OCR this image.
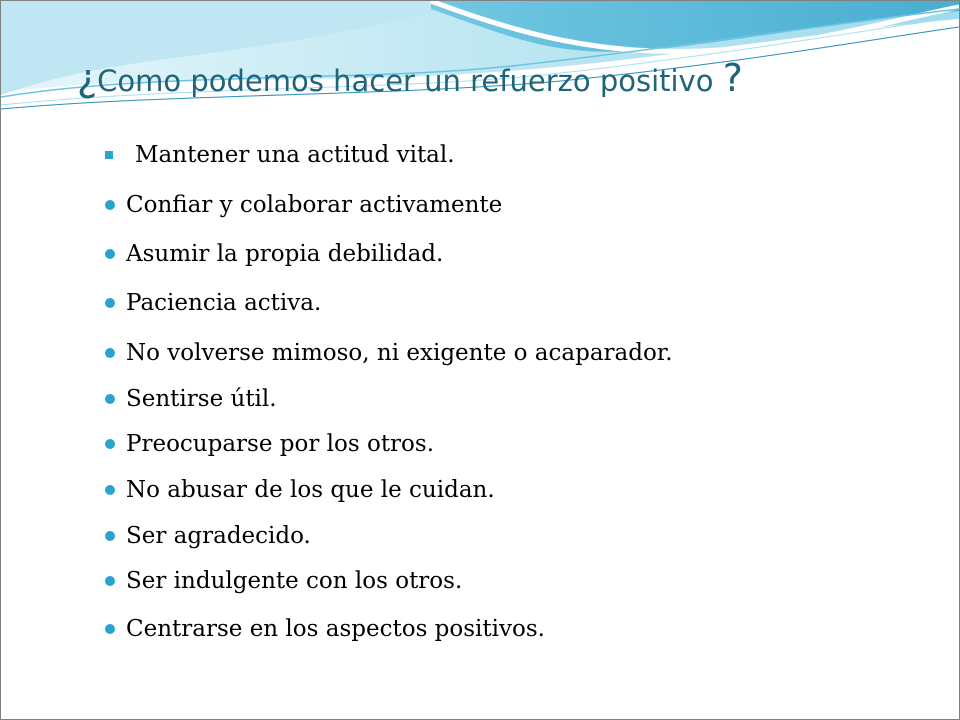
¿Como podemos hacer un refuerzo positivo ?
Mantener una actitud vital.
Confiar y colaborar activamente
Asumir la propia debilidad.
Paciencia activa.
No volverse mimoso, ni exigente o acaparador.
Sentirse útil.
Preocuparse por los otros.
No abusar de los que le cuidan.
Ser agradecido.
Ser indulgente con los otros.
Centrarse en los aspectos positivos.
